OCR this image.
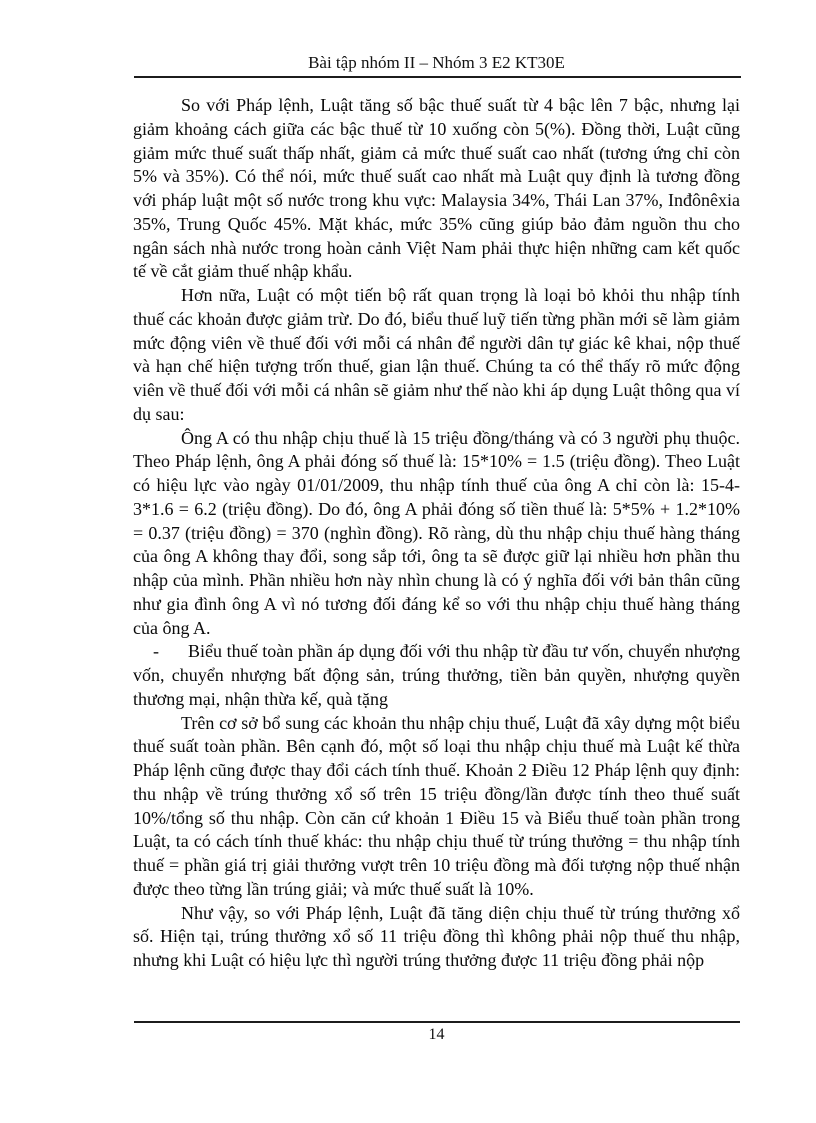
Bài tập nhóm II – Nhóm 3 E2 KT30E

So với Pháp lệnh, Luật tăng số bậc thuế suất từ 4 bậc lên 7 bậc, nhưng lại giảm khoảng cách giữa các bậc thuế từ 10 xuống còn 5(%). Đồng thời, Luật cũng giảm mức thuế suất thấp nhất, giảm cả mức thuế suất cao nhất (tương ứng chỉ còn 5% và 35%). Có thể nói, mức thuế suất cao nhất mà Luật quy định là tương đồng với pháp luật một số nước trong khu vực: Malaysia 34%, Thái Lan 37%, Inđônêxia 35%, Trung Quốc 45%. Mặt khác, mức 35% cũng giúp bảo đảm nguồn thu cho ngân sách nhà nước trong hoàn cảnh Việt Nam phải thực hiện những cam kết quốc tế về cắt giảm thuế nhập khẩu.

Hơn nữa, Luật có một tiến bộ rất quan trọng là loại bỏ khỏi thu nhập tính thuế các khoản được giảm trừ. Do đó, biểu thuế luỹ tiến từng phần mới sẽ làm giảm mức động viên về thuế đối với mỗi cá nhân để người dân tự giác kê khai, nộp thuế và hạn chế hiện tượng trốn thuế, gian lận thuế. Chúng ta có thể thấy rõ mức động viên về thuế đối với mỗi cá nhân sẽ giảm như thế nào khi áp dụng Luật thông qua ví dụ sau:

Ông A có thu nhập chịu thuế là 15 triệu đồng/tháng và có 3 người phụ thuộc. Theo Pháp lệnh, ông A phải đóng số thuế là: 15*10% = 1.5 (triệu đồng). Theo Luật có hiệu lực vào ngày 01/01/2009, thu nhập tính thuế của ông A chỉ còn là: 15-4-3*1.6 = 6.2 (triệu đồng). Do đó, ông A phải đóng số tiền thuế là: 5*5% + 1.2*10% = 0.37 (triệu đồng) = 370 (nghìn đồng). Rõ ràng, dù thu nhập chịu thuế hàng tháng của ông A không thay đổi, song sắp tới, ông ta sẽ được giữ lại nhiều hơn phần thu nhập của mình. Phần nhiều hơn này nhìn chung là có ý nghĩa đối với bản thân cũng như gia đình ông A vì nó tương đối đáng kể so với thu nhập chịu thuế hàng tháng của ông A.

- Biểu thuế toàn phần áp dụng đối với thu nhập từ đầu tư vốn, chuyển nhượng vốn, chuyển nhượng bất động sản, trúng thưởng, tiền bản quyền, nhượng quyền thương mại, nhận thừa kế, quà tặng

Trên cơ sở bổ sung các khoản thu nhập chịu thuế, Luật đã xây dựng một biểu thuế suất toàn phần. Bên cạnh đó, một số loại thu nhập chịu thuế mà Luật kế thừa Pháp lệnh cũng được thay đổi cách tính thuế. Khoản 2 Điều 12 Pháp lệnh quy định: thu nhập về trúng thưởng xổ số trên 15 triệu đồng/lần được tính theo thuế suất 10%/tổng số thu nhập. Còn căn cứ khoản 1 Điều 15 và Biểu thuế toàn phần trong Luật, ta có cách tính thuế khác: thu nhập chịu thuế từ trúng thưởng = thu nhập tính thuế = phần giá trị giải thưởng vượt trên 10 triệu đồng mà đối tượng nộp thuế nhận được theo từng lần trúng giải; và mức thuế suất là 10%.

Như vậy, so với Pháp lệnh, Luật đã tăng diện chịu thuế từ trúng thưởng xổ số. Hiện tại, trúng thưởng xổ số 11 triệu đồng thì không phải nộp thuế thu nhập, nhưng khi Luật có hiệu lực thì người trúng thưởng được 11 triệu đồng phải nộp

14
